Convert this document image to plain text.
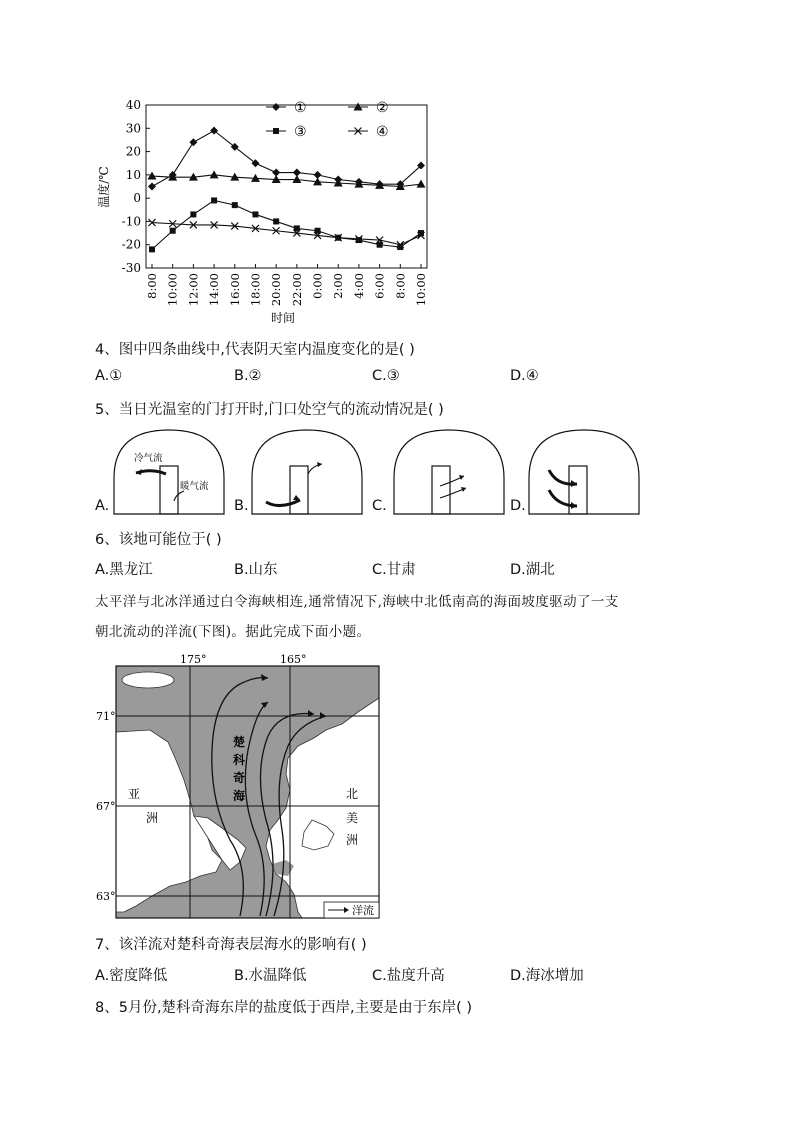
温度/℃
40
30
20
10
0
-10
-20
-30
8:00 10:00 12:00 14:00 16:00 18:00 20:00 22:00 0:00 2:00 4:00 6:00 8:00 10:00
①	②
③	④
时间
4、图中四条曲线中,代表阴天室内温度变化的是( )
A.①	B.②	C.③	D.④
5、当日光温室的门打开时,门口处空气的流动情况是( )
A.	B.	C.	D.
冷气流
暖气流
6、该地可能位于( )
A.黑龙江	B.山东	C.甘肃	D.湖北
太平洋与北冰洋通过白令海峡相连,通常情况下,海峡中北低南高的海面坡度驱动了一支
朝北流动的洋流(下图)。据此完成下面小题。
175°	165°
71°
67°
63°
楚
科
奇
海
亚
洲
北
美
洲
洋流
7、该洋流对楚科奇海表层海水的影响有( )
A.密度降低	B.水温降低	C.盐度升高	D.海冰增加
8、5月份,楚科奇海东岸的盐度低于西岸,主要是由于东岸( )
